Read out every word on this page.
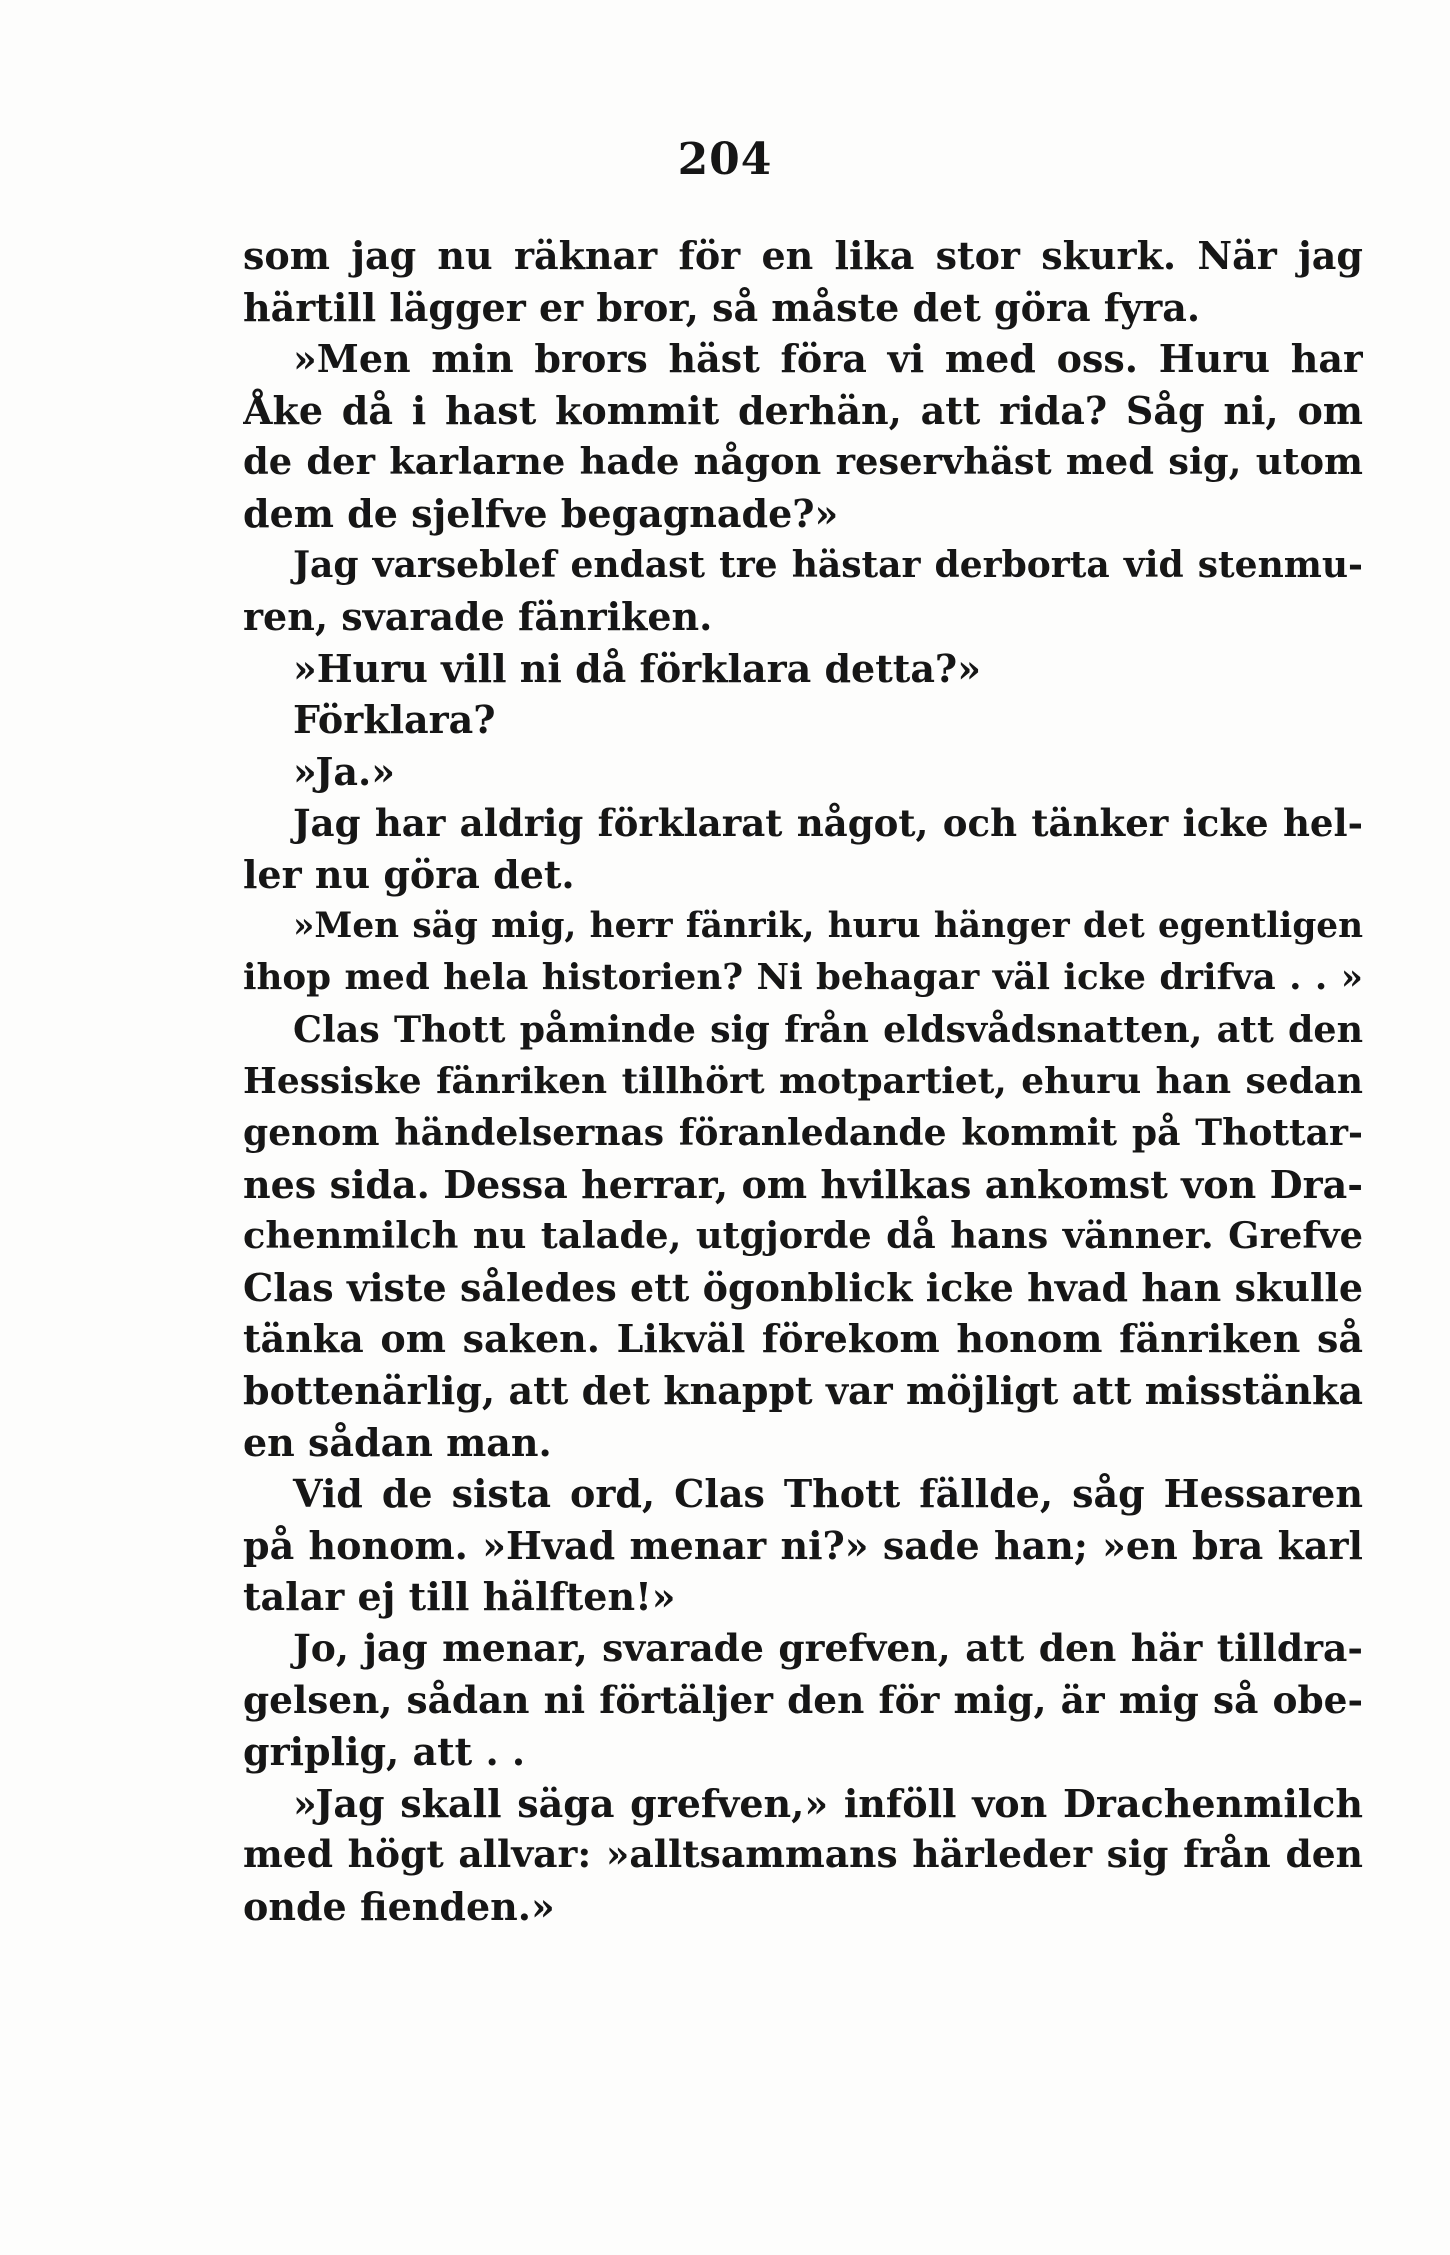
204
som jag nu räknar för en lika stor skurk. När jag
härtill lägger er bror, så måste det göra fyra.
»Men min brors häst föra vi med oss. Huru har
Åke då i hast kommit derhän, att rida? Såg ni, om
de der karlarne hade någon reservhäst med sig, utom
dem de sjelfve begagnade?»
Jag varseblef endast tre hästar derborta vid stenmu-
ren, svarade fänriken.
»Huru vill ni då förklara detta?»
Förklara?
»Ja.»
Jag har aldrig förklarat något, och tänker icke hel-
ler nu göra det.
»Men säg mig, herr fänrik, huru hänger det egentligen
ihop med hela historien? Ni behagar väl icke drifva . . »
Clas Thott påminde sig från eldsvådsnatten, att den
Hessiske fänriken tillhört motpartiet, ehuru han sedan
genom händelsernas föranledande kommit på Thottar-
nes sida. Dessa herrar, om hvilkas ankomst von Dra-
chenmilch nu talade, utgjorde då hans vänner. Grefve
Clas viste således ett ögonblick icke hvad han skulle
tänka om saken. Likväl förekom honom fänriken så
bottenärlig, att det knappt var möjligt att misstänka
en sådan man.
Vid de sista ord, Clas Thott fällde, såg Hessaren
på honom. »Hvad menar ni?» sade han; »en bra karl
talar ej till hälften!»
Jo, jag menar, svarade grefven, att den här tilldra-
gelsen, sådan ni förtäljer den för mig, är mig så obe-
griplig, att . .
»Jag skall säga grefven,» inföll von Drachenmilch
med högt allvar: »alltsammans härleder sig från den
onde fienden.»
